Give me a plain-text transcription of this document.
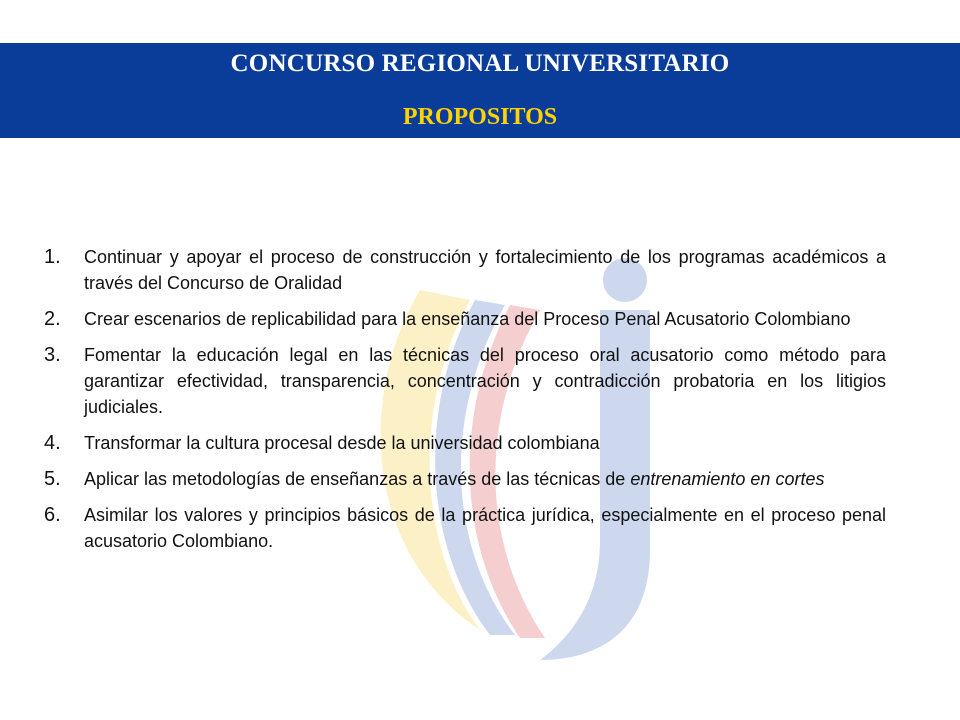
CONCURSO REGIONAL UNIVERSITARIO
PROPOSITOS
1. Continuar y apoyar el proceso de construcción y fortalecimiento de los programas académicos a través del Concurso de Oralidad
2. Crear escenarios de replicabilidad para la enseñanza del Proceso Penal Acusatorio Colombiano
3. Fomentar la educación legal en las técnicas del proceso oral acusatorio como método para garantizar efectividad, transparencia, concentración y contradicción probatoria en los litigios judiciales.
4. Transformar la cultura procesal desde la universidad colombiana
5. Aplicar las metodologías de enseñanzas a través de las técnicas de entrenamiento en cortes
6. Asimilar los valores y principios básicos de la práctica jurídica, especialmente en el proceso penal acusatorio Colombiano.
